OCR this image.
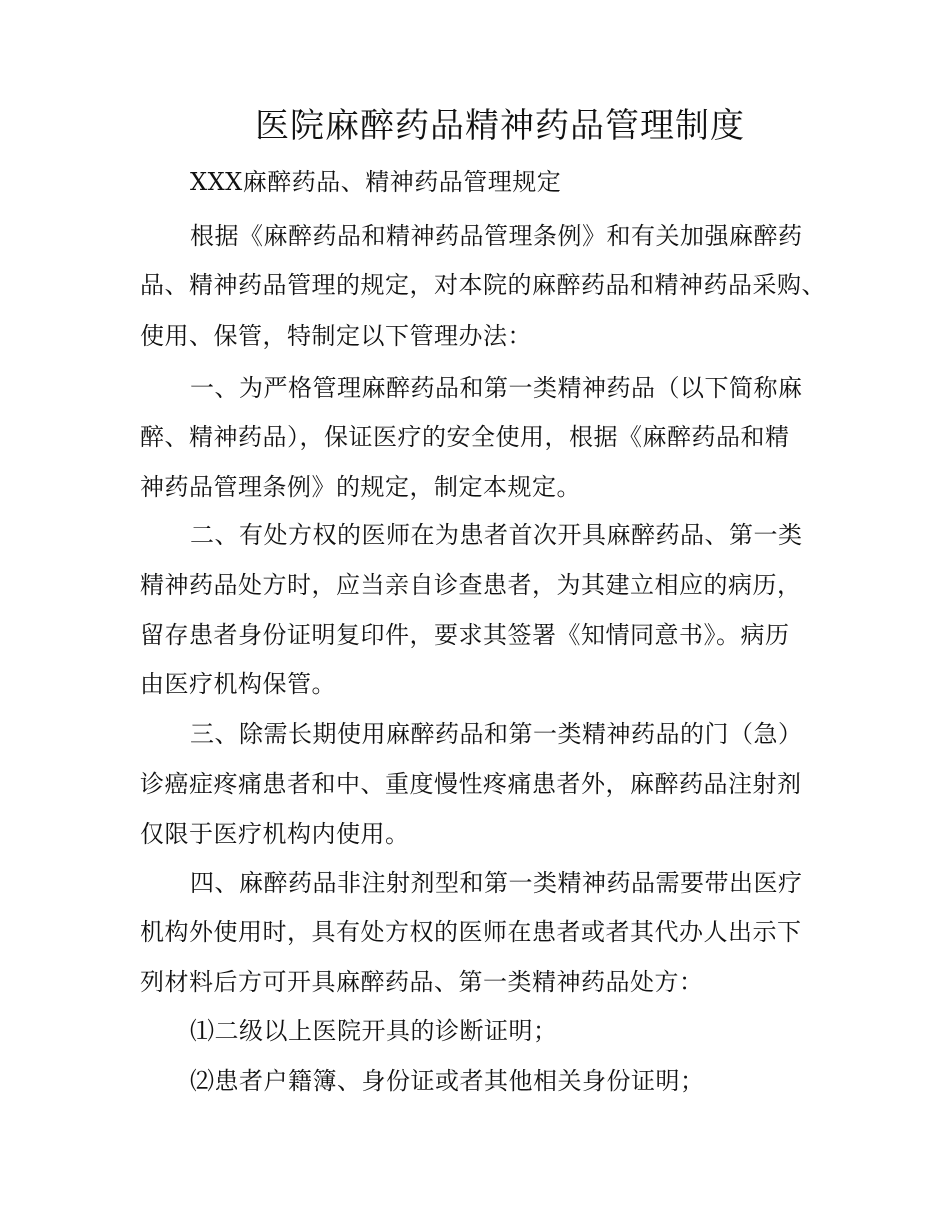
医院麻醉药品精神药品管理制度
XXX麻醉药品、精神药品管理规定
根据《麻醉药品和精神药品管理条例》和有关加强麻醉药
品、精神药品管理的规定，对本院的麻醉药品和精神药品采购、
使用、保管，特制定以下管理办法：
一、为严格管理麻醉药品和第一类精神药品（以下简称麻
醉、精神药品），保证医疗的安全使用，根据《麻醉药品和精
神药品管理条例》的规定，制定本规定。
二、有处方权的医师在为患者首次开具麻醉药品、第一类
精神药品处方时，应当亲自诊查患者，为其建立相应的病历，
留存患者身份证明复印件，要求其签署《知情同意书》。病历
由医疗机构保管。
三、除需长期使用麻醉药品和第一类精神药品的门（急）
诊癌症疼痛患者和中、重度慢性疼痛患者外，麻醉药品注射剂
仅限于医疗机构内使用。
四、麻醉药品非注射剂型和第一类精神药品需要带出医疗
机构外使用时，具有处方权的医师在患者或者其代办人出示下
列材料后方可开具麻醉药品、第一类精神药品处方：
⑴二级以上医院开具的诊断证明；
⑵患者户籍簿、身份证或者其他相关身份证明；
